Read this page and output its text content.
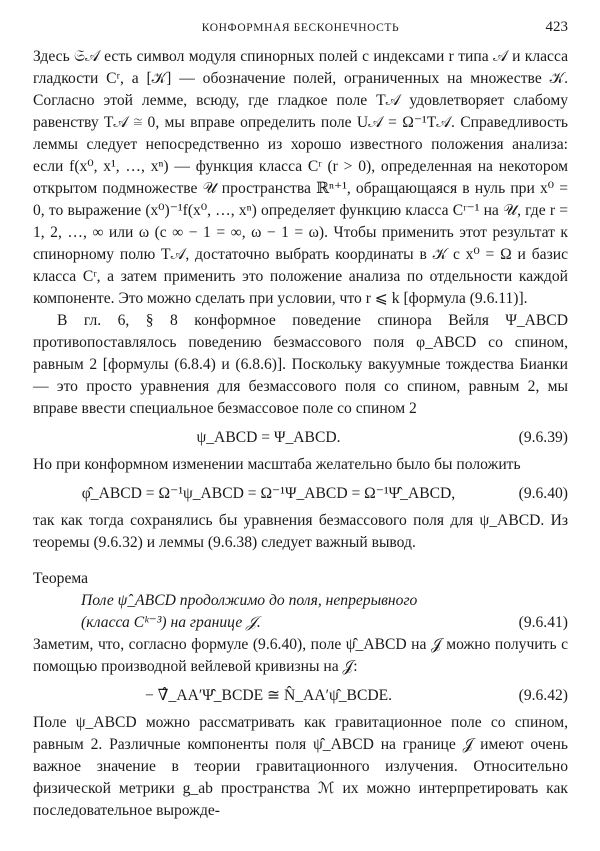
КОНФОРМНАЯ БЕСКОНЕЧНОСТЬ	423

Здесь 𝔖𝒜 есть символ модуля спинорных полей с индексами r типа 𝒜 и класса гладкости Cʳ, а [𝒦] — обозначение полей, ограниченных на множестве 𝒦. Согласно этой лемме, всюду, где гладкое поле T𝒜 удовлетворяет слабому равенству T𝒜 ≅ 0, мы вправе определить поле U𝒜 = Ω⁻¹T𝒜. Справедливость леммы следует непосредственно из хорошо известного положения анализа: если f(x⁰, x¹, …, xⁿ) — функция класса Cʳ (r > 0), определенная на некотором открытом подмножестве 𝒰 пространства ℝⁿ⁺¹, обращающаяся в нуль при x⁰ = 0, то выражение (x⁰)⁻¹f(x⁰, …, xⁿ) определяет функцию класса Cʳ⁻¹ на 𝒰, где r = 1, 2, …, ∞ или ω (с ∞ − 1 = ∞, ω − 1 = ω). Чтобы применить этот результат к спинорному полю T𝒜, достаточно выбрать координаты в 𝒦 с x⁰ = Ω и базис класса Cʳ, а затем применить это положение анализа по отдельности каждой компоненте. Это можно сделать при условии, что r ⩽ k [формула (9.6.11)].

В гл. 6, § 8 конформное поведение спинора Вейля Ψ_ABCD противопоставлялось поведению безмассового поля φ_ABCD со спином, равным 2 [формулы (6.8.4) и (6.8.6)]. Поскольку вакуумные тождества Бианки — это просто уравнения для безмассового поля со спином, равным 2, мы вправе ввести специальное безмассовое поле со спином 2

ψ_ABCD = Ψ_ABCD.	(9.6.39)

Но при конформном изменении масштаба желательно было бы положить

φ̂_ABCD = Ω⁻¹ψ_ABCD = Ω⁻¹Ψ_ABCD = Ω⁻¹Ψ̂_ABCD,	(9.6.40)

так как тогда сохранялись бы уравнения безмассового поля для ψ_ABCD. Из теоремы (9.6.32) и леммы (9.6.38) следует важный вывод.

Теорема

Поле ψ̂_ABCD продолжимо до поля, непрерывного
(класса Cᵏ⁻³) на границе 𝒥.	(9.6.41)

Заметим, что, согласно формуле (9.6.40), поле ψ̂_ABCD на 𝒥 можно получить с помощью производной вейлевой кривизны на 𝒥:

− ∇̂_AA′Ψ̂_BCDE ≅ N̂_AA′ψ̂_BCDE.	(9.6.42)

Поле ψ_ABCD можно рассматривать как гравитационное поле со спином, равным 2. Различные компоненты поля ψ̂_ABCD на границе 𝒥 имеют очень важное значение в теории гравитационного излучения. Относительно физической метрики g_ab пространства ℳ их можно интерпретировать как последовательное вырожде-
